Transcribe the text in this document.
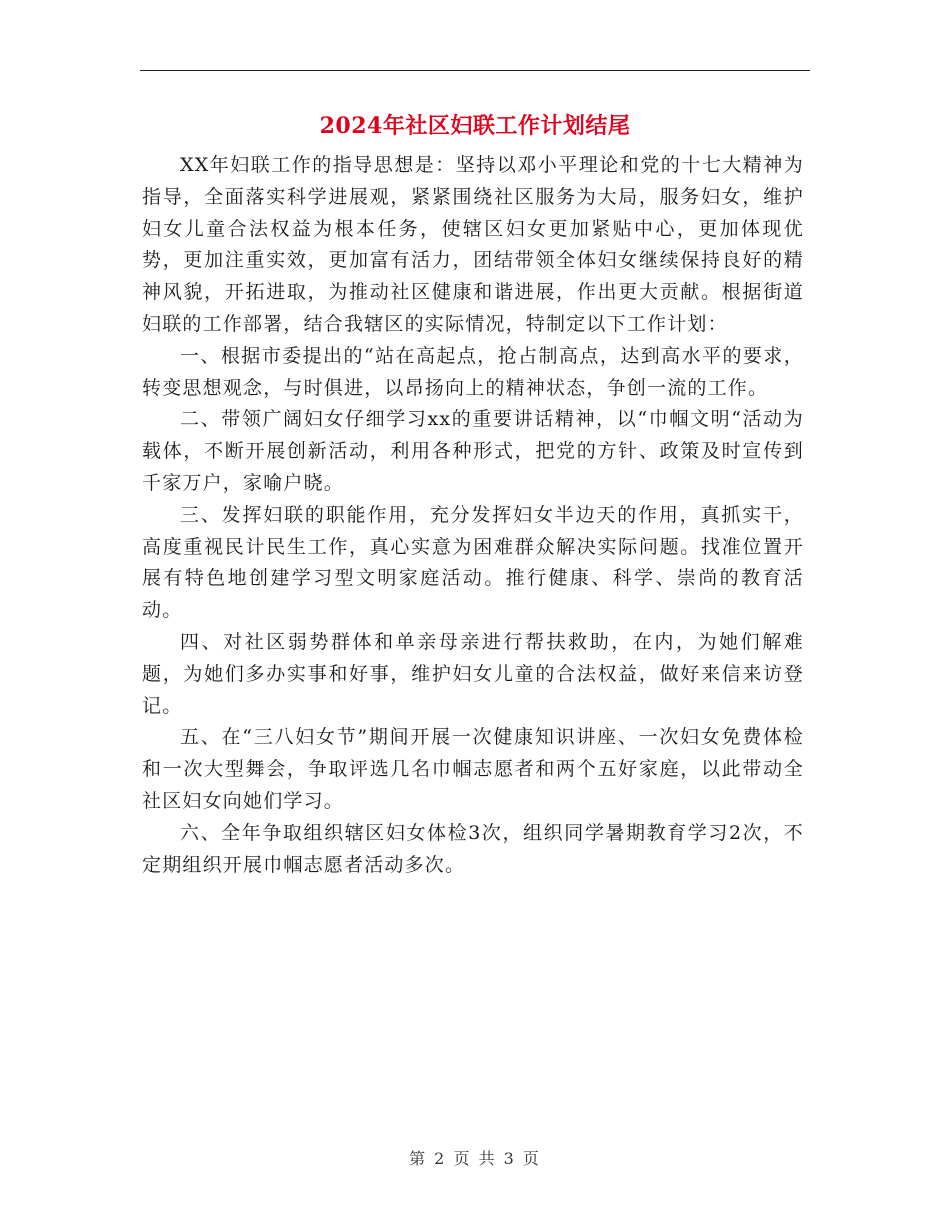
2024年社区妇联工作计划结尾

XX年妇联工作的指导思想是：坚持以邓小平理论和党的十七大精神为指导，全面落实科学进展观，紧紧围绕社区服务为大局，服务妇女，维护妇女儿童合法权益为根本任务，使辖区妇女更加紧贴中心，更加体现优势，更加注重实效，更加富有活力，团结带领全体妇女继续保持良好的精神风貌，开拓进取，为推动社区健康和谐进展，作出更大贡献。根据街道妇联的工作部署，结合我辖区的实际情况，特制定以下工作计划：

一、根据市委提出的“站在高起点，抢占制高点，达到高水平的要求，转变思想观念，与时俱进，以昂扬向上的精神状态，争创一流的工作。

二、带领广阔妇女仔细学习xx的重要讲话精神，以“巾帼文明“活动为载体，不断开展创新活动，利用各种形式，把党的方针、政策及时宣传到千家万户，家喻户晓。

三、发挥妇联的职能作用，充分发挥妇女半边天的作用，真抓实干，高度重视民计民生工作，真心实意为困难群众解决实际问题。找准位置开展有特色地创建学习型文明家庭活动。推行健康、科学、崇尚的教育活动。

四、对社区弱势群体和单亲母亲进行帮扶救助，在内，为她们解难题，为她们多办实事和好事，维护妇女儿童的合法权益，做好来信来访登记。

五、在“三八妇女节”期间开展一次健康知识讲座、一次妇女免费体检和一次大型舞会，争取评选几名巾帼志愿者和两个五好家庭，以此带动全社区妇女向她们学习。

六、全年争取组织辖区妇女体检3次，组织同学暑期教育学习2次，不定期组织开展巾帼志愿者活动多次。

第 2 页 共 3 页
